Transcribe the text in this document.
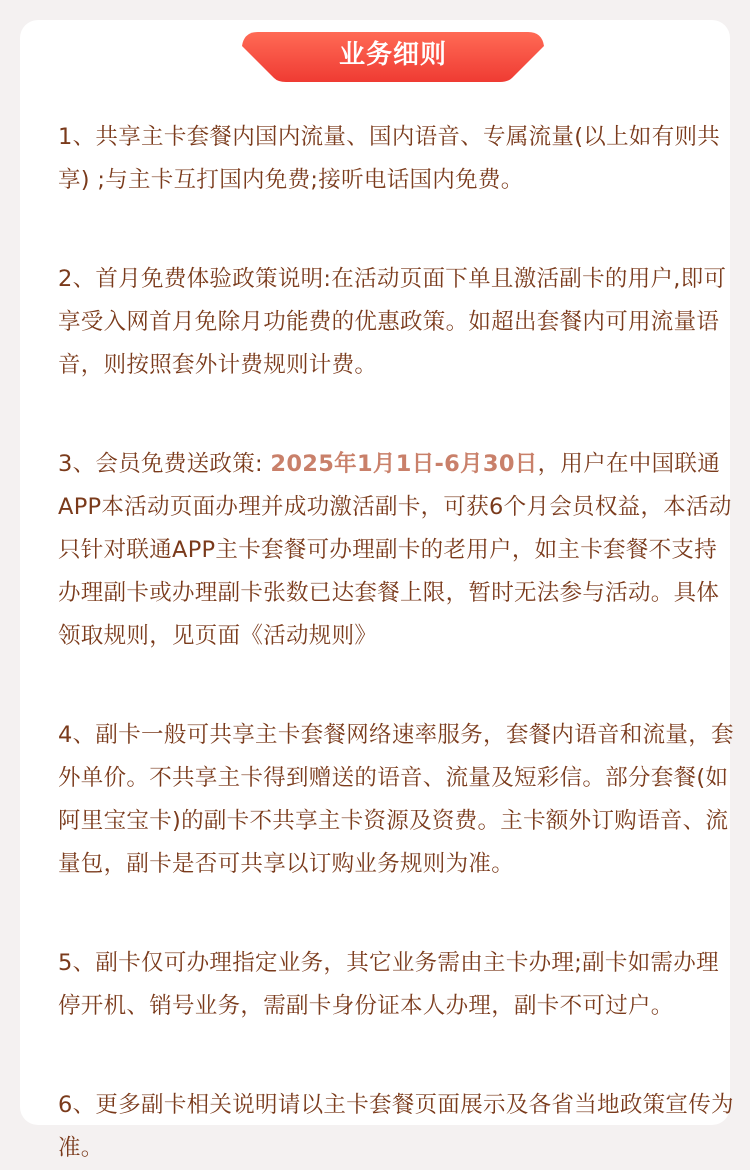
业务细则

1、共享主卡套餐内国内流量、国内语音、专属流量(以上如有则共享) ;与主卡互打国内免费;接听电话国内免费。

2、首月免费体验政策说明:在活动页面下单且激活副卡的用户,即可享受入网首月免除月功能费的优惠政策。如超出套餐内可用流量语音，则按照套外计费规则计费。

3、会员免费送政策: 2025年1月1日-6月30日，用户在中国联通APP本活动页面办理并成功激活副卡，可获6个月会员权益，本活动只针对联通APP主卡套餐可办理副卡的老用户，如主卡套餐不支持办理副卡或办理副卡张数已达套餐上限，暂时无法参与活动。具体领取规则，见页面《活动规则》

4、副卡一般可共享主卡套餐网络速率服务，套餐内语音和流量，套外单价。不共享主卡得到赠送的语音、流量及短彩信。部分套餐(如阿里宝宝卡)的副卡不共享主卡资源及资费。主卡额外订购语音、流量包，副卡是否可共享以订购业务规则为准。

5、副卡仅可办理指定业务，其它业务需由主卡办理;副卡如需办理停开机、销号业务，需副卡身份证本人办理，副卡不可过户。

6、更多副卡相关说明请以主卡套餐页面展示及各省当地政策宣传为准。
